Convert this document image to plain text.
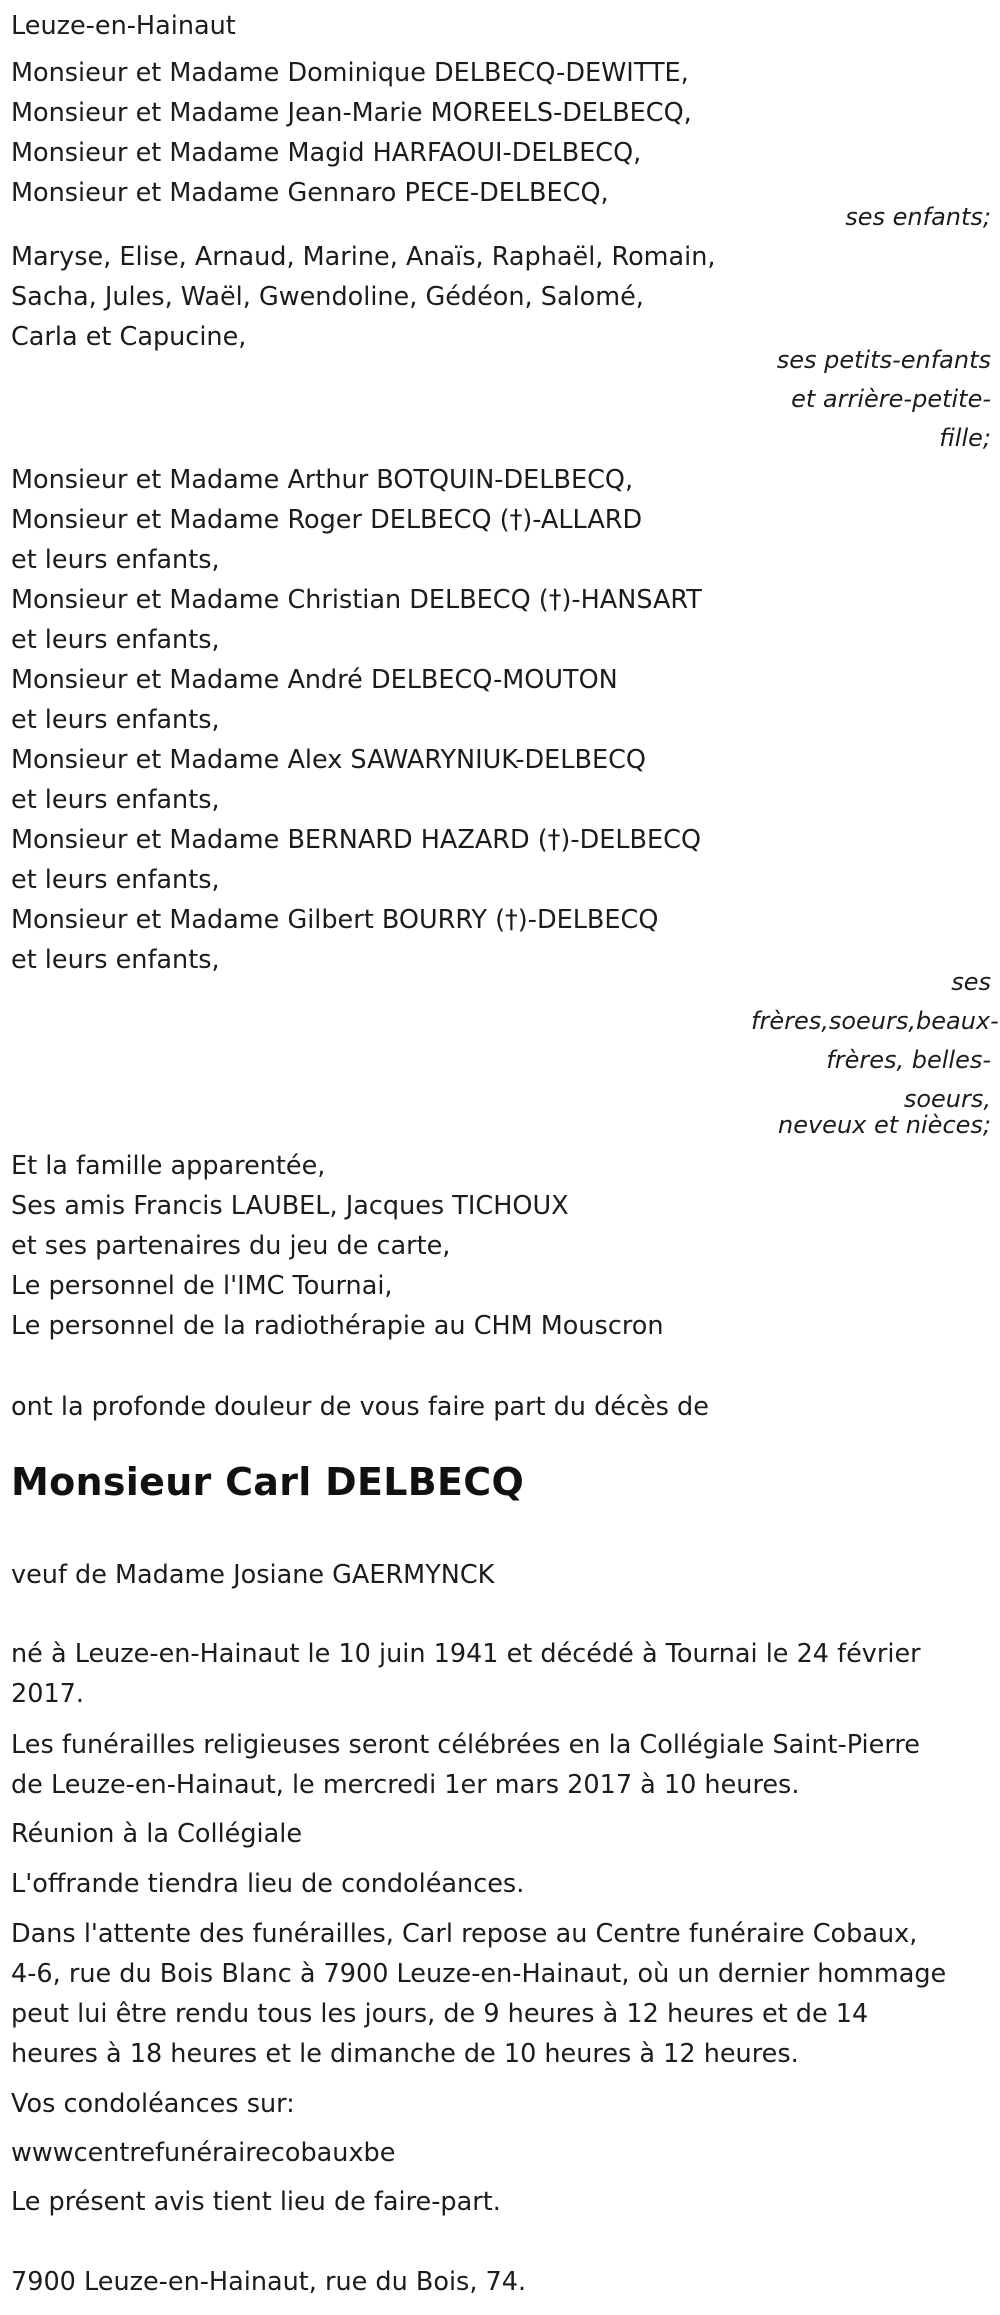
Leuze-en-Hainaut

Monsieur et Madame Dominique DELBECQ-DEWITTE,

Monsieur et Madame Jean-Marie MOREELS-DELBECQ,

Monsieur et Madame Magid HARFAOUI-DELBECQ,

Monsieur et Madame Gennaro PECE-DELBECQ,

ses enfants;

Maryse, Elise, Arnaud, Marine, Anaïs, Raphaël, Romain,

Sacha, Jules, Waël, Gwendoline, Gédéon, Salomé,

Carla et Capucine,

ses petits-enfants
et arrière-petite-
fille;

Monsieur et Madame Arthur BOTQUIN-DELBECQ,

Monsieur et Madame Roger DELBECQ (†)-ALLARD

et leurs enfants,

Monsieur et Madame Christian DELBECQ (†)-HANSART

et leurs enfants,

Monsieur et Madame André DELBECQ-MOUTON

et leurs enfants,

Monsieur et Madame Alex SAWARYNIUK-DELBECQ

et leurs enfants,

Monsieur et Madame BERNARD HAZARD (†)-DELBECQ

et leurs enfants,

Monsieur et Madame Gilbert BOURRY (†)-DELBECQ

et leurs enfants,

ses
frères,soeurs,beaux-
frères, belles-
soeurs,
neveux et nièces;

Et la famille apparentée,

Ses amis Francis LAUBEL, Jacques TICHOUX

et ses partenaires du jeu de carte,

Le personnel de l'IMC Tournai,

Le personnel de la radiothérapie au CHM Mouscron

ont la profonde douleur de vous faire part du décès de

Monsieur Carl DELBECQ

veuf de Madame Josiane GAERMYNCK

né à Leuze-en-Hainaut le 10 juin 1941 et décédé à Tournai le 24 février

2017.

Les funérailles religieuses seront célébrées en la Collégiale Saint-Pierre

de Leuze-en-Hainaut, le mercredi 1er mars 2017 à 10 heures.

Réunion à la Collégiale

L'offrande tiendra lieu de condoléances.

Dans l'attente des funérailles, Carl repose au Centre funéraire Cobaux,

4-6, rue du Bois Blanc à 7900 Leuze-en-Hainaut, où un dernier hommage

peut lui être rendu tous les jours, de 9 heures à 12 heures et de 14

heures à 18 heures et le dimanche de 10 heures à 12 heures.

Vos condoléances sur:

wwwcentrefunérairecobauxbe

Le présent avis tient lieu de faire-part.

7900 Leuze-en-Hainaut, rue du Bois, 74.
